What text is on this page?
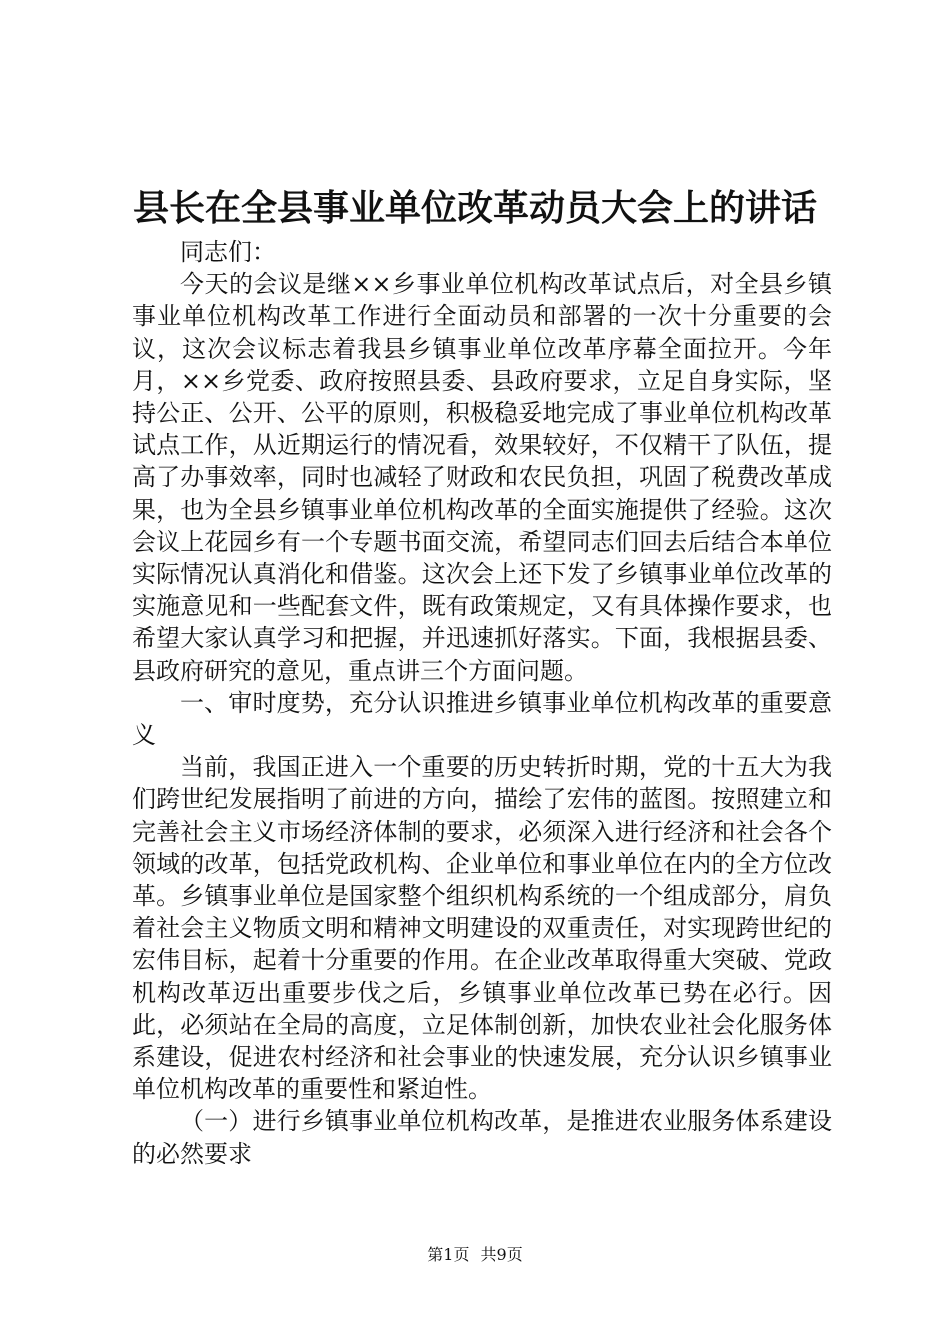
县长在全县事业单位改革动员大会上的讲话

同志们：

今天的会议是继××乡事业单位机构改革试点后，对全县乡镇事业单位机构改革工作进行全面动员和部署的一次十分重要的会议，这次会议标志着我县乡镇事业单位改革序幕全面拉开。今年月，××乡党委、政府按照县委、县政府要求，立足自身实际，坚持公正、公开、公平的原则，积极稳妥地完成了事业单位机构改革试点工作，从近期运行的情况看，效果较好，不仅精干了队伍，提高了办事效率，同时也减轻了财政和农民负担，巩固了税费改革成果，也为全县乡镇事业单位机构改革的全面实施提供了经验。这次会议上花园乡有一个专题书面交流，希望同志们回去后结合本单位实际情况认真消化和借鉴。这次会上还下发了乡镇事业单位改革的实施意见和一些配套文件，既有政策规定，又有具体操作要求，也希望大家认真学习和把握，并迅速抓好落实。下面，我根据县委、县政府研究的意见，重点讲三个方面问题。

一、审时度势，充分认识推进乡镇事业单位机构改革的重要意义

当前，我国正进入一个重要的历史转折时期，党的十五大为我们跨世纪发展指明了前进的方向，描绘了宏伟的蓝图。按照建立和完善社会主义市场经济体制的要求，必须深入进行经济和社会各个领域的改革，包括党政机构、企业单位和事业单位在内的全方位改革。乡镇事业单位是国家整个组织机构系统的一个组成部分，肩负着社会主义物质文明和精神文明建设的双重责任，对实现跨世纪的宏伟目标，起着十分重要的作用。在企业改革取得重大突破、党政机构改革迈出重要步伐之后，乡镇事业单位改革已势在必行。因此，必须站在全局的高度，立足体制创新，加快农业社会化服务体系建设，促进农村经济和社会事业的快速发展，充分认识乡镇事业单位机构改革的重要性和紧迫性。

（一）进行乡镇事业单位机构改革，是推进农业服务体系建设的必然要求

第1页 共9页
